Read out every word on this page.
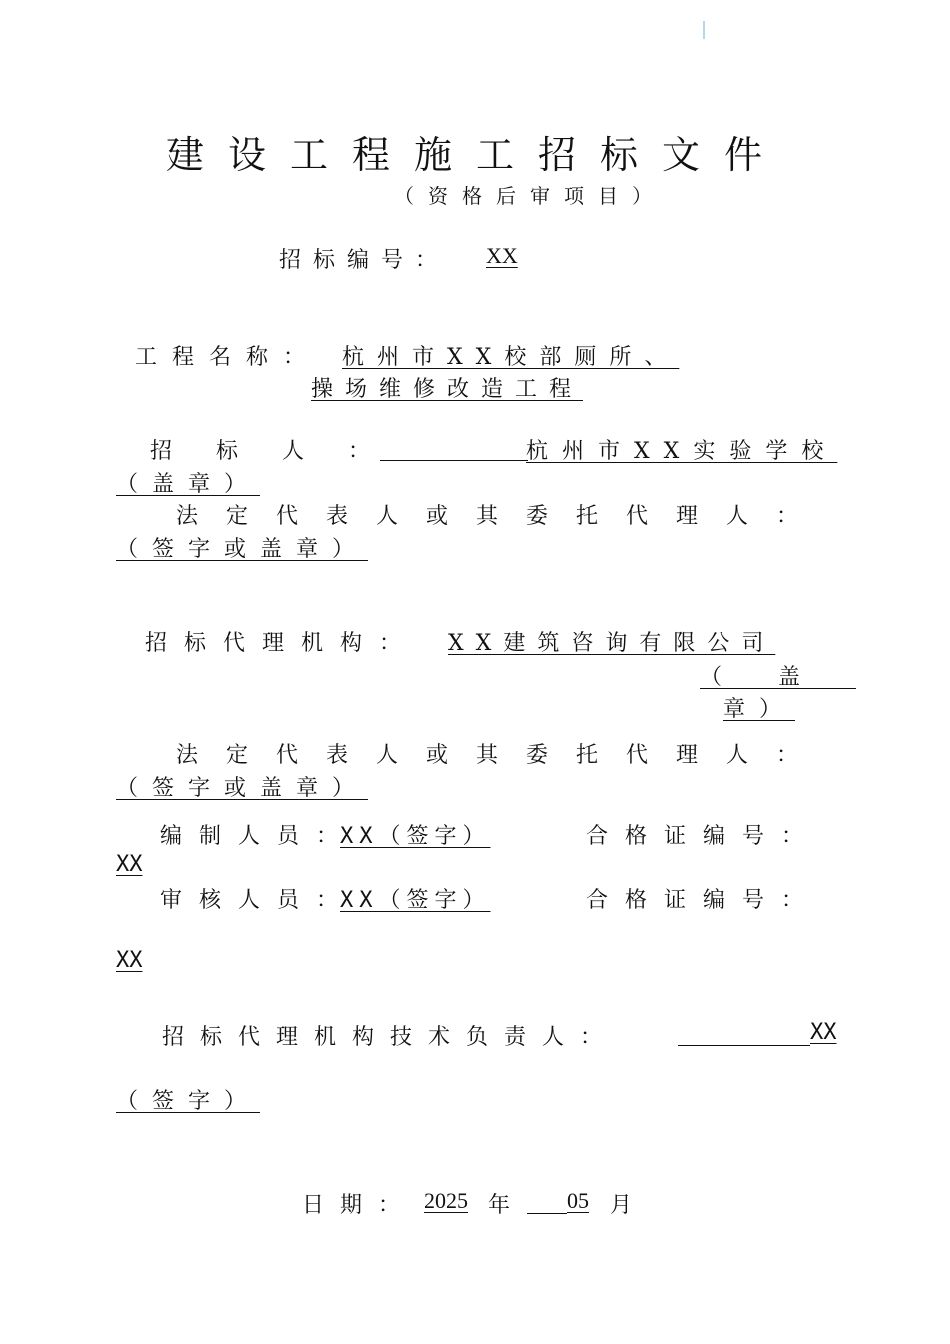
建设工程施工招标文件
（资格后审项目）
招标编号： XX
工程名称： 杭州市XX校部厕所、
操场维修改造工程
招标人：	杭州市XX实验学校
（盖章）
法定代表人或其委托代理人：
（签字或盖章）
招标代理机构： XX建筑咨询有限公司
（盖
章）
法定代表人或其委托代理人：
（签字或盖章）
编制人员：
XX（签字）	合格证编号：
XX
审核人员：
XX（签字）	合格证编号：
XX
招标代理机构技术负责人：	XX
（签字）
日期： 2025 年	05 月
